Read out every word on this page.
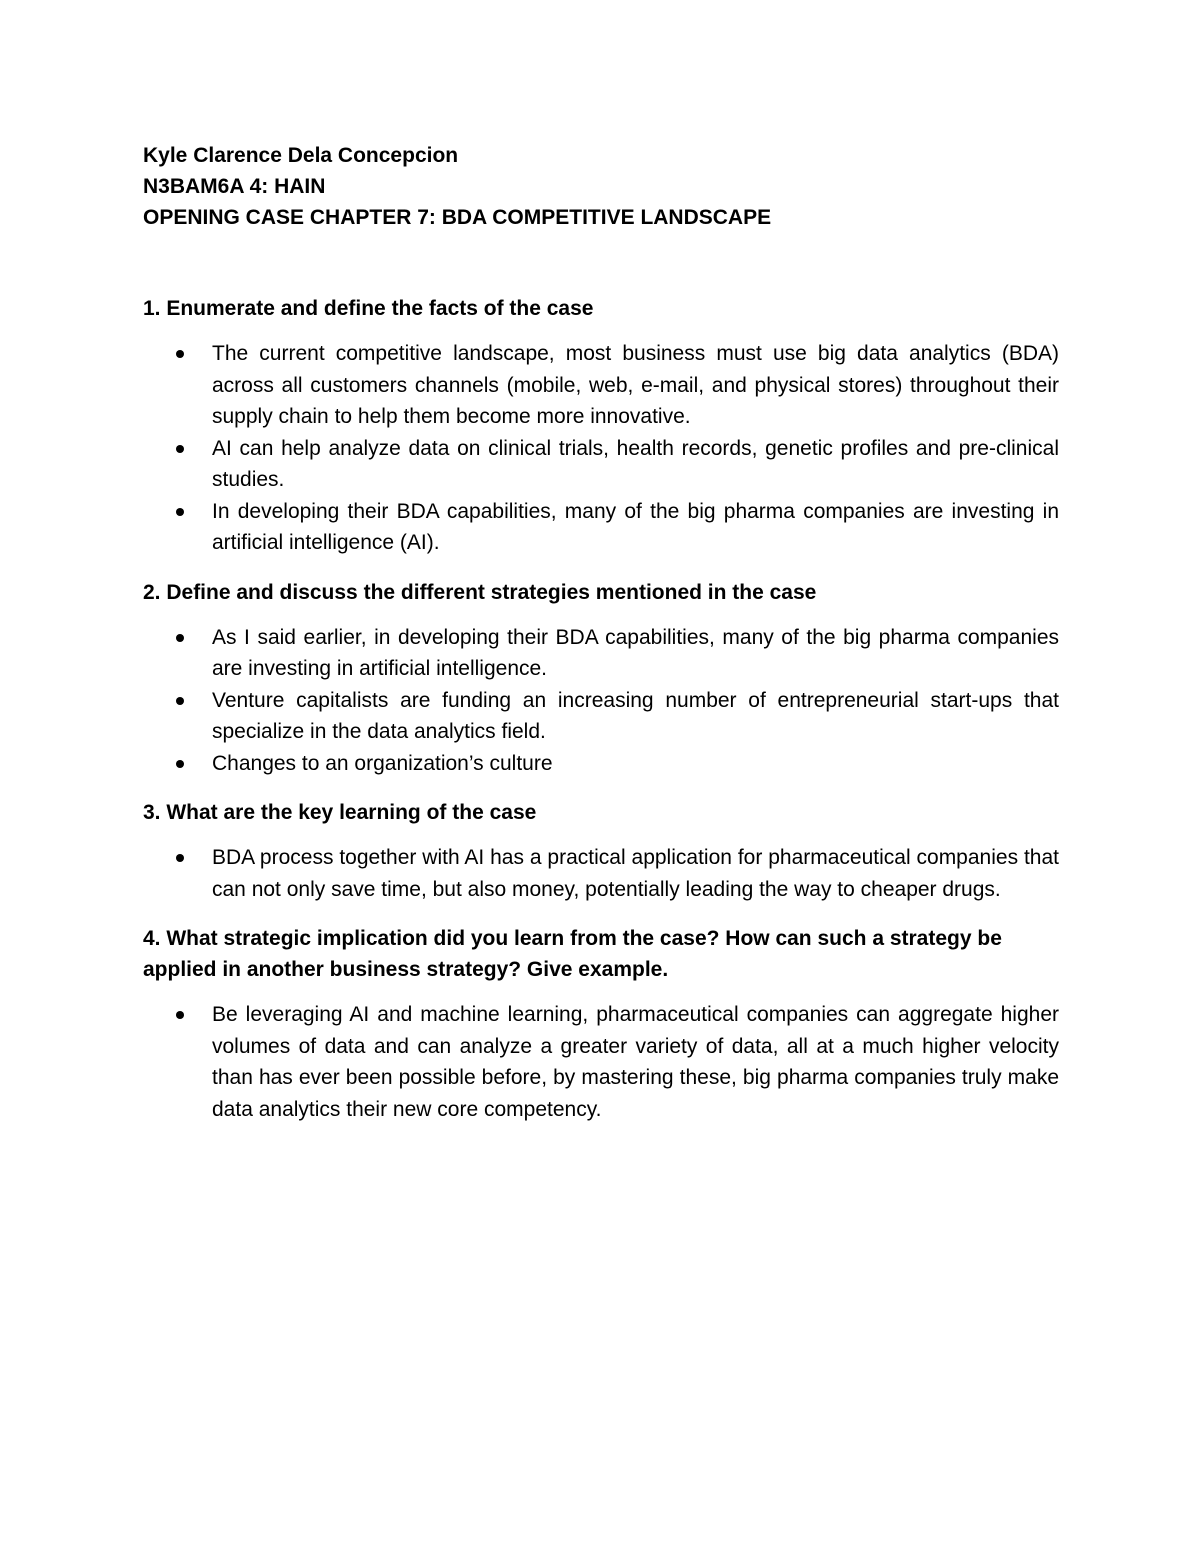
Kyle Clarence Dela Concepcion

N3BAM6A 4: HAIN

OPENING CASE CHAPTER 7: BDA COMPETITIVE LANDSCAPE

1. Enumerate and define the facts of the case

The current competitive landscape, most business must use big data analytics (BDA) across all customers channels (mobile, web, e-mail, and physical stores) throughout their supply chain to help them become more innovative.
AI can help analyze data on clinical trials, health records, genetic profiles and pre-clinical studies.
In developing their BDA capabilities, many of the big pharma companies are investing in artificial intelligence (AI).

2. Define and discuss the different strategies mentioned in the case

As I said earlier, in developing their BDA capabilities, many of the big pharma companies are investing in artificial intelligence.
Venture capitalists are funding an increasing number of entrepreneurial start-ups that specialize in the data analytics field.
Changes to an organization’s culture

3. What are the key learning of the case

BDA process together with AI has a practical application for pharmaceutical companies that can not only save time, but also money, potentially leading the way to cheaper drugs.

4. What strategic implication did you learn from the case? How can such a strategy be applied in another business strategy? Give example.

Be leveraging AI and machine learning, pharmaceutical companies can aggregate higher volumes of data and can analyze a greater variety of data, all at a much higher velocity than has ever been possible before, by mastering these, big pharma companies truly make data analytics their new core competency.
